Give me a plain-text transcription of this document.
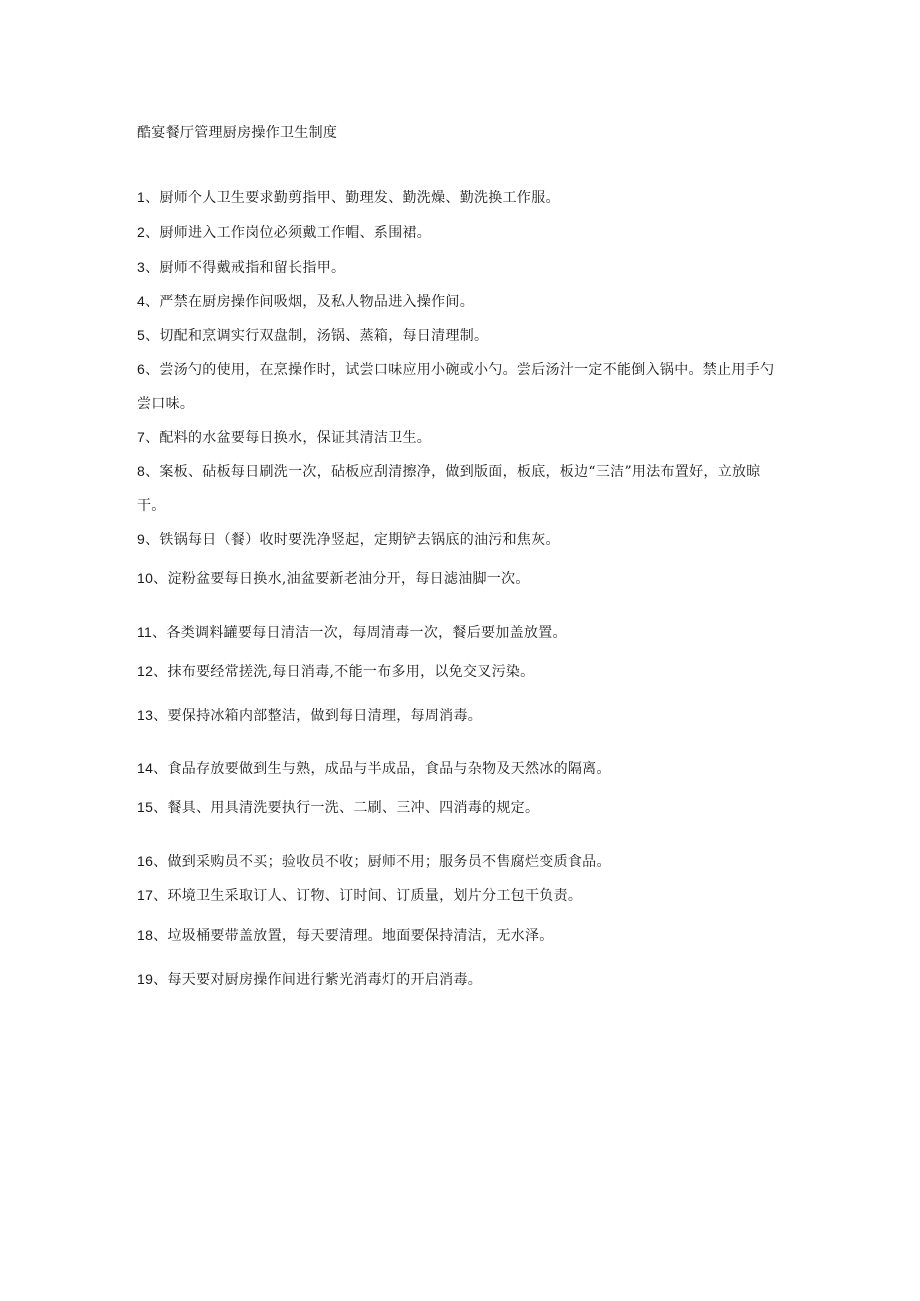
酷宴餐厅管理厨房操作卫生制度
1、厨师个人卫生要求勤剪指甲、勤理发、勤洗燥、勤洗换工作服。
2、厨师进入工作岗位必须戴工作帽、系围裙。
3、厨师不得戴戒指和留长指甲。
4、严禁在厨房操作间吸烟，及私人物品进入操作间。
5、切配和烹调实行双盘制，汤锅、蒸箱，每日清理制。
6、尝汤勺的使用，在烹操作时，试尝口味应用小碗或小勺。尝后汤汁一定不能倒入锅中。禁止用手勺尝口味。
7、配料的水盆要每日换水，保证其清洁卫生。
8、案板、砧板每日刷洗一次，砧板应刮清擦净，做到版面，板底，板边“三洁”用法布置好，立放晾干。
9、铁锅每日（餐）收时要洗净竖起，定期铲去锅底的油污和焦灰。
10、淀粉盆要每日换水,油盆要新老油分开，每日滤油脚一次。
11、各类调料罐要每日清洁一次，每周清毒一次，餐后要加盖放置。
12、抹布要经常搓洗,每日消毒,不能一布多用，以免交叉污染。
13、要保持冰箱内部整洁，做到每日清理，每周消毒。
14、食品存放要做到生与熟，成品与半成品，食品与杂物及天然冰的隔离。
15、餐具、用具清洗要执行一洗、二刷、三冲、四消毒的规定。
16、做到采购员不买；验收员不收；厨师不用；服务员不售腐烂变质食品。
17、环境卫生采取订人、订物、订时间、订质量，划片分工包干负责。
18、垃圾桶要带盖放置，每天要清理。地面要保持清洁，无水泽。
19、每天要对厨房操作间进行紫光消毒灯的开启消毒。
